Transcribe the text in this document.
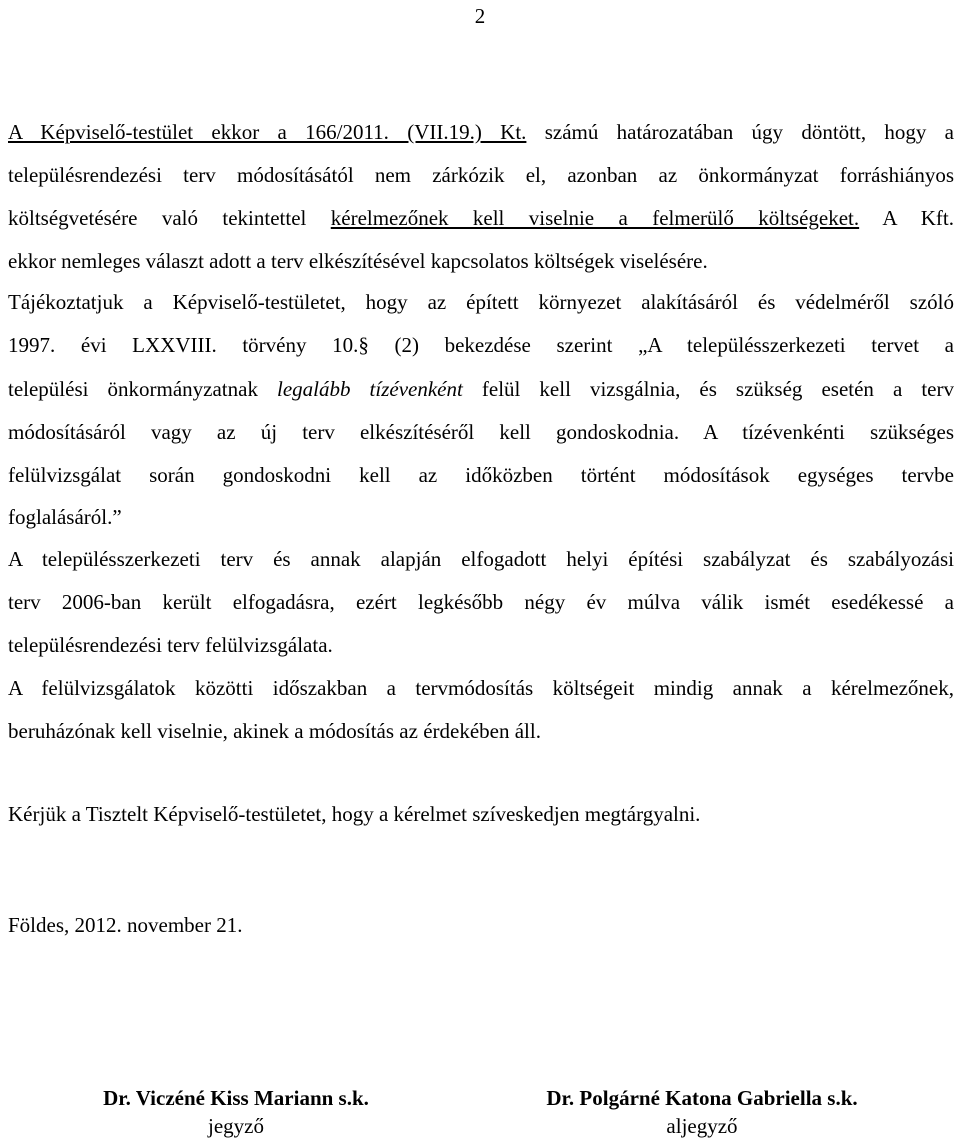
2
A Képviselő-testület ekkor a 166/2011. (VII.19.) Kt. számú határozatában úgy döntött, hogy a
településrendezési terv módosításától nem zárkózik el, azonban az önkormányzat forráshiányos
költségvetésére való tekintettel kérelmezőnek kell viselnie a felmerülő költségeket. A Kft.
ekkor nemleges választ adott a terv elkészítésével kapcsolatos költségek viselésére.
Tájékoztatjuk a Képviselő-testületet, hogy az épített környezet alakításáról és védelméről szóló
1997. évi LXXVIII. törvény 10.§ (2) bekezdése szerint „A településszerkezeti tervet a
települési önkormányzatnak legalább tízévenként felül kell vizsgálnia, és szükség esetén a terv
módosításáról vagy az új terv elkészítéséről kell gondoskodnia. A tízévenkénti szükséges
felülvizsgálat során gondoskodni kell az időközben történt módosítások egységes tervbe
foglalásáról.”
A településszerkezeti terv és annak alapján elfogadott helyi építési szabályzat és szabályozási
terv 2006-ban került elfogadásra, ezért legkésőbb négy év múlva válik ismét esedékessé a
településrendezési terv felülvizsgálata.
A felülvizsgálatok közötti időszakban a tervmódosítás költségeit mindig annak a kérelmezőnek,
beruházónak kell viselnie, akinek a módosítás az érdekében áll.
Kérjük a Tisztelt Képviselő-testületet, hogy a kérelmet szíveskedjen megtárgyalni.
Földes, 2012. november 21.
Dr. Viczéné Kiss Mariann s.k.
jegyző
Dr. Polgárné Katona Gabriella s.k.
aljegyző
